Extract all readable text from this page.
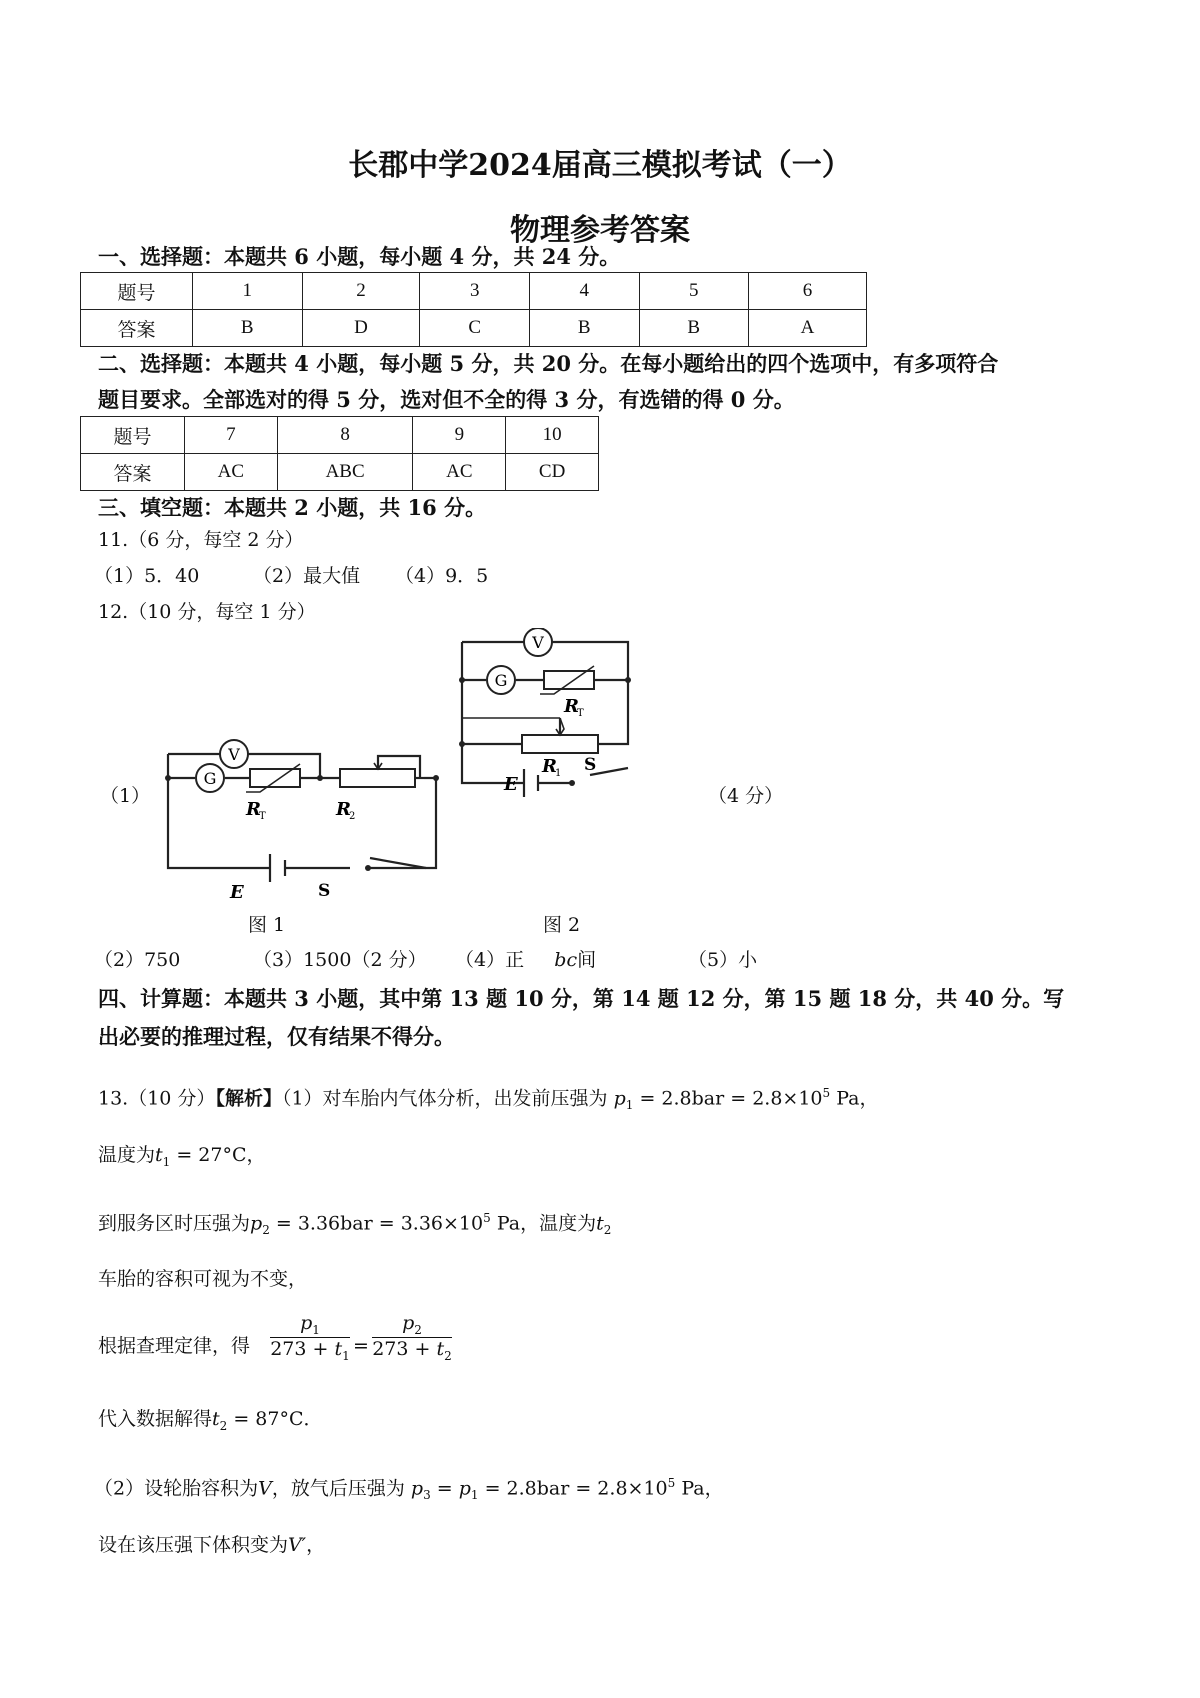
长郡中学2024届高三模拟考试（一）
物理参考答案
一、选择题：本题共 6 小题，每小题 4 分，共 24 分。
题号	1	2	3	4	5	6
答案	B	D	C	B	B	A
二、选择题：本题共 4 小题，每小题 5 分，共 20 分。在每小题给出的四个选项中，有多项符合
题目要求。全部选对的得 5 分，选对但不全的得 3 分，有选错的得 0 分。
题号	7	8	9	10
答案	AC	ABC	AC	CD
三、填空题：本题共 2 小题，共 16 分。
11.（6 分，每空 2 分）
（1）5．40	（2）最大值 （4）9．5
12.（10 分，每空 1 分）
（1）	（4 分）
V
G
R
T	R
2
E	S
V
G
R
T
R
1
E
S
图 1	图 2
（2）750	（3）1500（2 分） （4）正 bc间	（5）小
四、计算题：本题共 3 小题，其中第 13 题 10 分，第 14 题 12 分，第 15 题 18 分，共 40 分。写
出必要的推理过程，仅有结果不得分。
13.（10 分）【解析】（1）对车胎内气体分析，出发前压强为 $p_1 = 2.8bar = 2.8\times 10^5$ Pa，
温度为$t_1 = 27^\circ C$，
到服务区时压强为$p_2 = 3.36bar = 3.36\times 10^5$ Pa，温度为$t_2$
车胎的容积可视为不变，
根据查理定律，得 $\frac{p_1}{273 + t_1} = \frac{p_2}{273 + t_2}$
代入数据解得$t_2 = 87^\circ C$．
（2）设轮胎容积为V，放气后压强为 $p_3 = p_1 = 2.8bar = 2.8\times 10^5$ Pa，
设在该压强下体积变为V′，
